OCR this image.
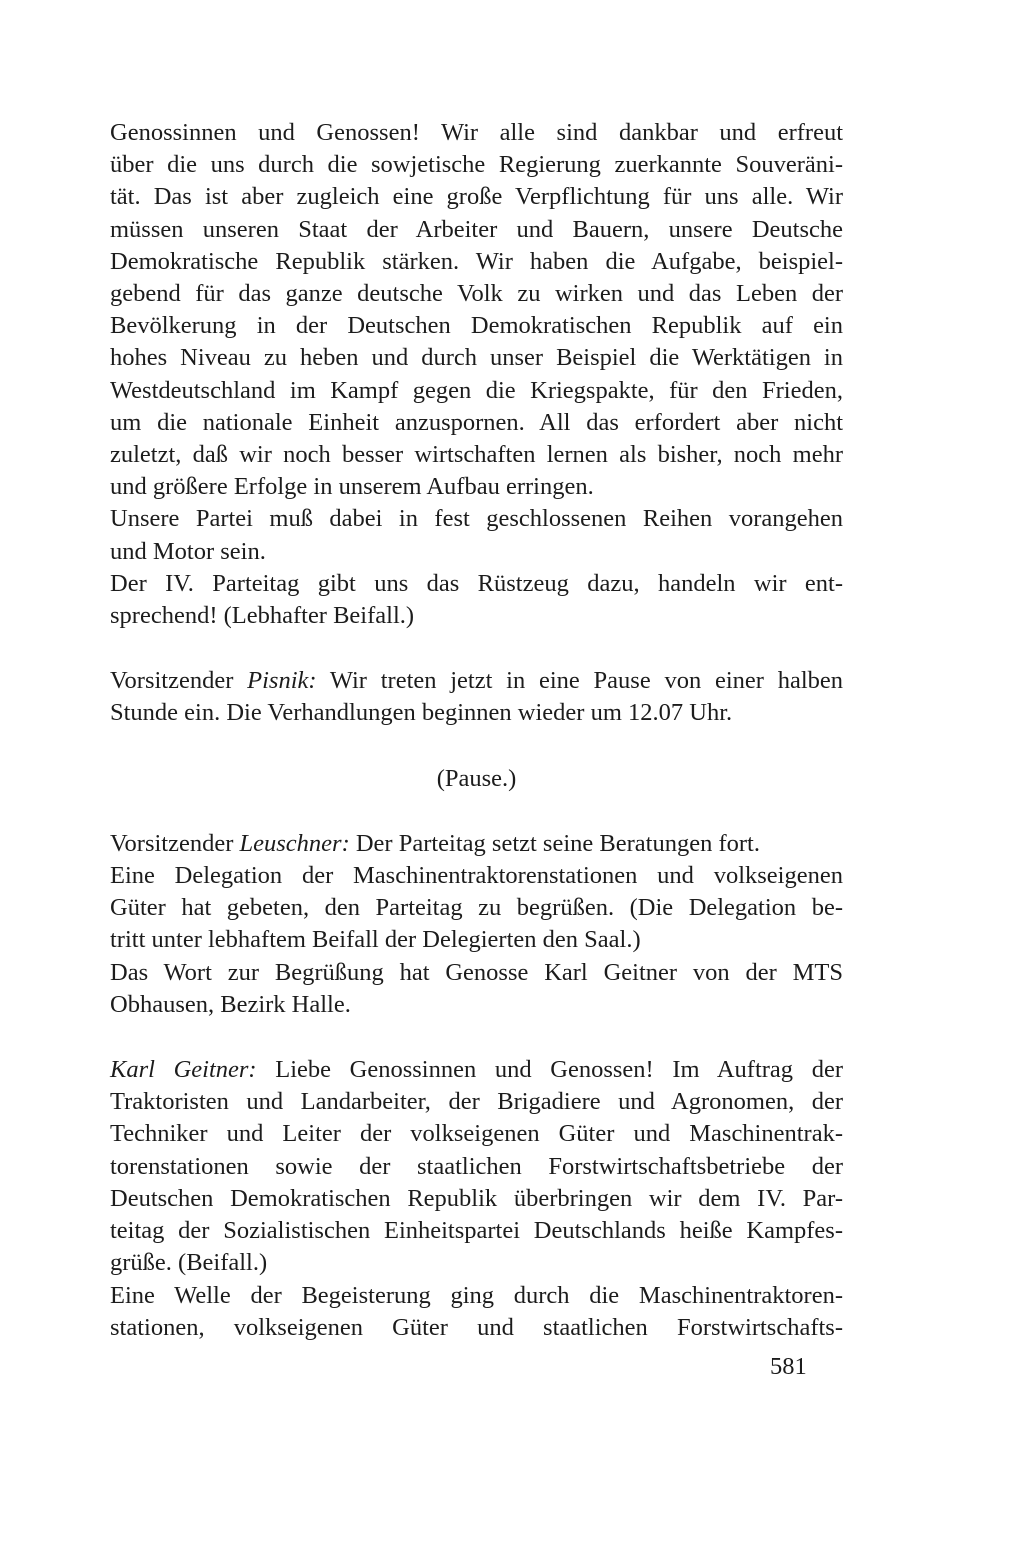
Genossinnen und Genossen! Wir alle sind dankbar und erfreut
über die uns durch die sowjetische Regierung zuerkannte Souveräni-
tät. Das ist aber zugleich eine große Verpflichtung für uns alle. Wir
müssen unseren Staat der Arbeiter und Bauern, unsere Deutsche
Demokratische Republik stärken. Wir haben die Aufgabe, beispiel-
gebend für das ganze deutsche Volk zu wirken und das Leben der
Bevölkerung in der Deutschen Demokratischen Republik auf ein
hohes Niveau zu heben und durch unser Beispiel die Werktätigen in
Westdeutschland im Kampf gegen die Kriegspakte, für den Frieden,
um die nationale Einheit anzuspornen. All das erfordert aber nicht
zuletzt, daß wir noch besser wirtschaften lernen als bisher, noch mehr
und größere Erfolge in unserem Aufbau erringen.

Unsere Partei muß dabei in fest geschlossenen Reihen vorangehen
und Motor sein.

Der IV. Parteitag gibt uns das Rüstzeug dazu, handeln wir ent-
sprechend! (Lebhafter Beifall.)

Vorsitzender Pisnik: Wir treten jetzt in eine Pause von einer halben
Stunde ein. Die Verhandlungen beginnen wieder um 12.07 Uhr.

(Pause.)

Vorsitzender Leuschner: Der Parteitag setzt seine Beratungen fort.

Eine Delegation der Maschinentraktorenstationen und volkseigenen
Güter hat gebeten, den Parteitag zu begrüßen. (Die Delegation be-
tritt unter lebhaftem Beifall der Delegierten den Saal.)

Das Wort zur Begrüßung hat Genosse Karl Geitner von der MTS
Obhausen, Bezirk Halle.

Karl Geitner: Liebe Genossinnen und Genossen! Im Auftrag der
Traktoristen und Landarbeiter, der Brigadiere und Agronomen, der
Techniker und Leiter der volkseigenen Güter und Maschinentrak-
torenstationen sowie der staatlichen Forstwirtschaftsbetriebe der
Deutschen Demokratischen Republik überbringen wir dem IV. Par-
teitag der Sozialistischen Einheitspartei Deutschlands heiße Kampfes-
grüße. (Beifall.)

Eine Welle der Begeisterung ging durch die Maschinentraktoren-
stationen, volkseigenen Güter und staatlichen Forstwirtschafts-

581
